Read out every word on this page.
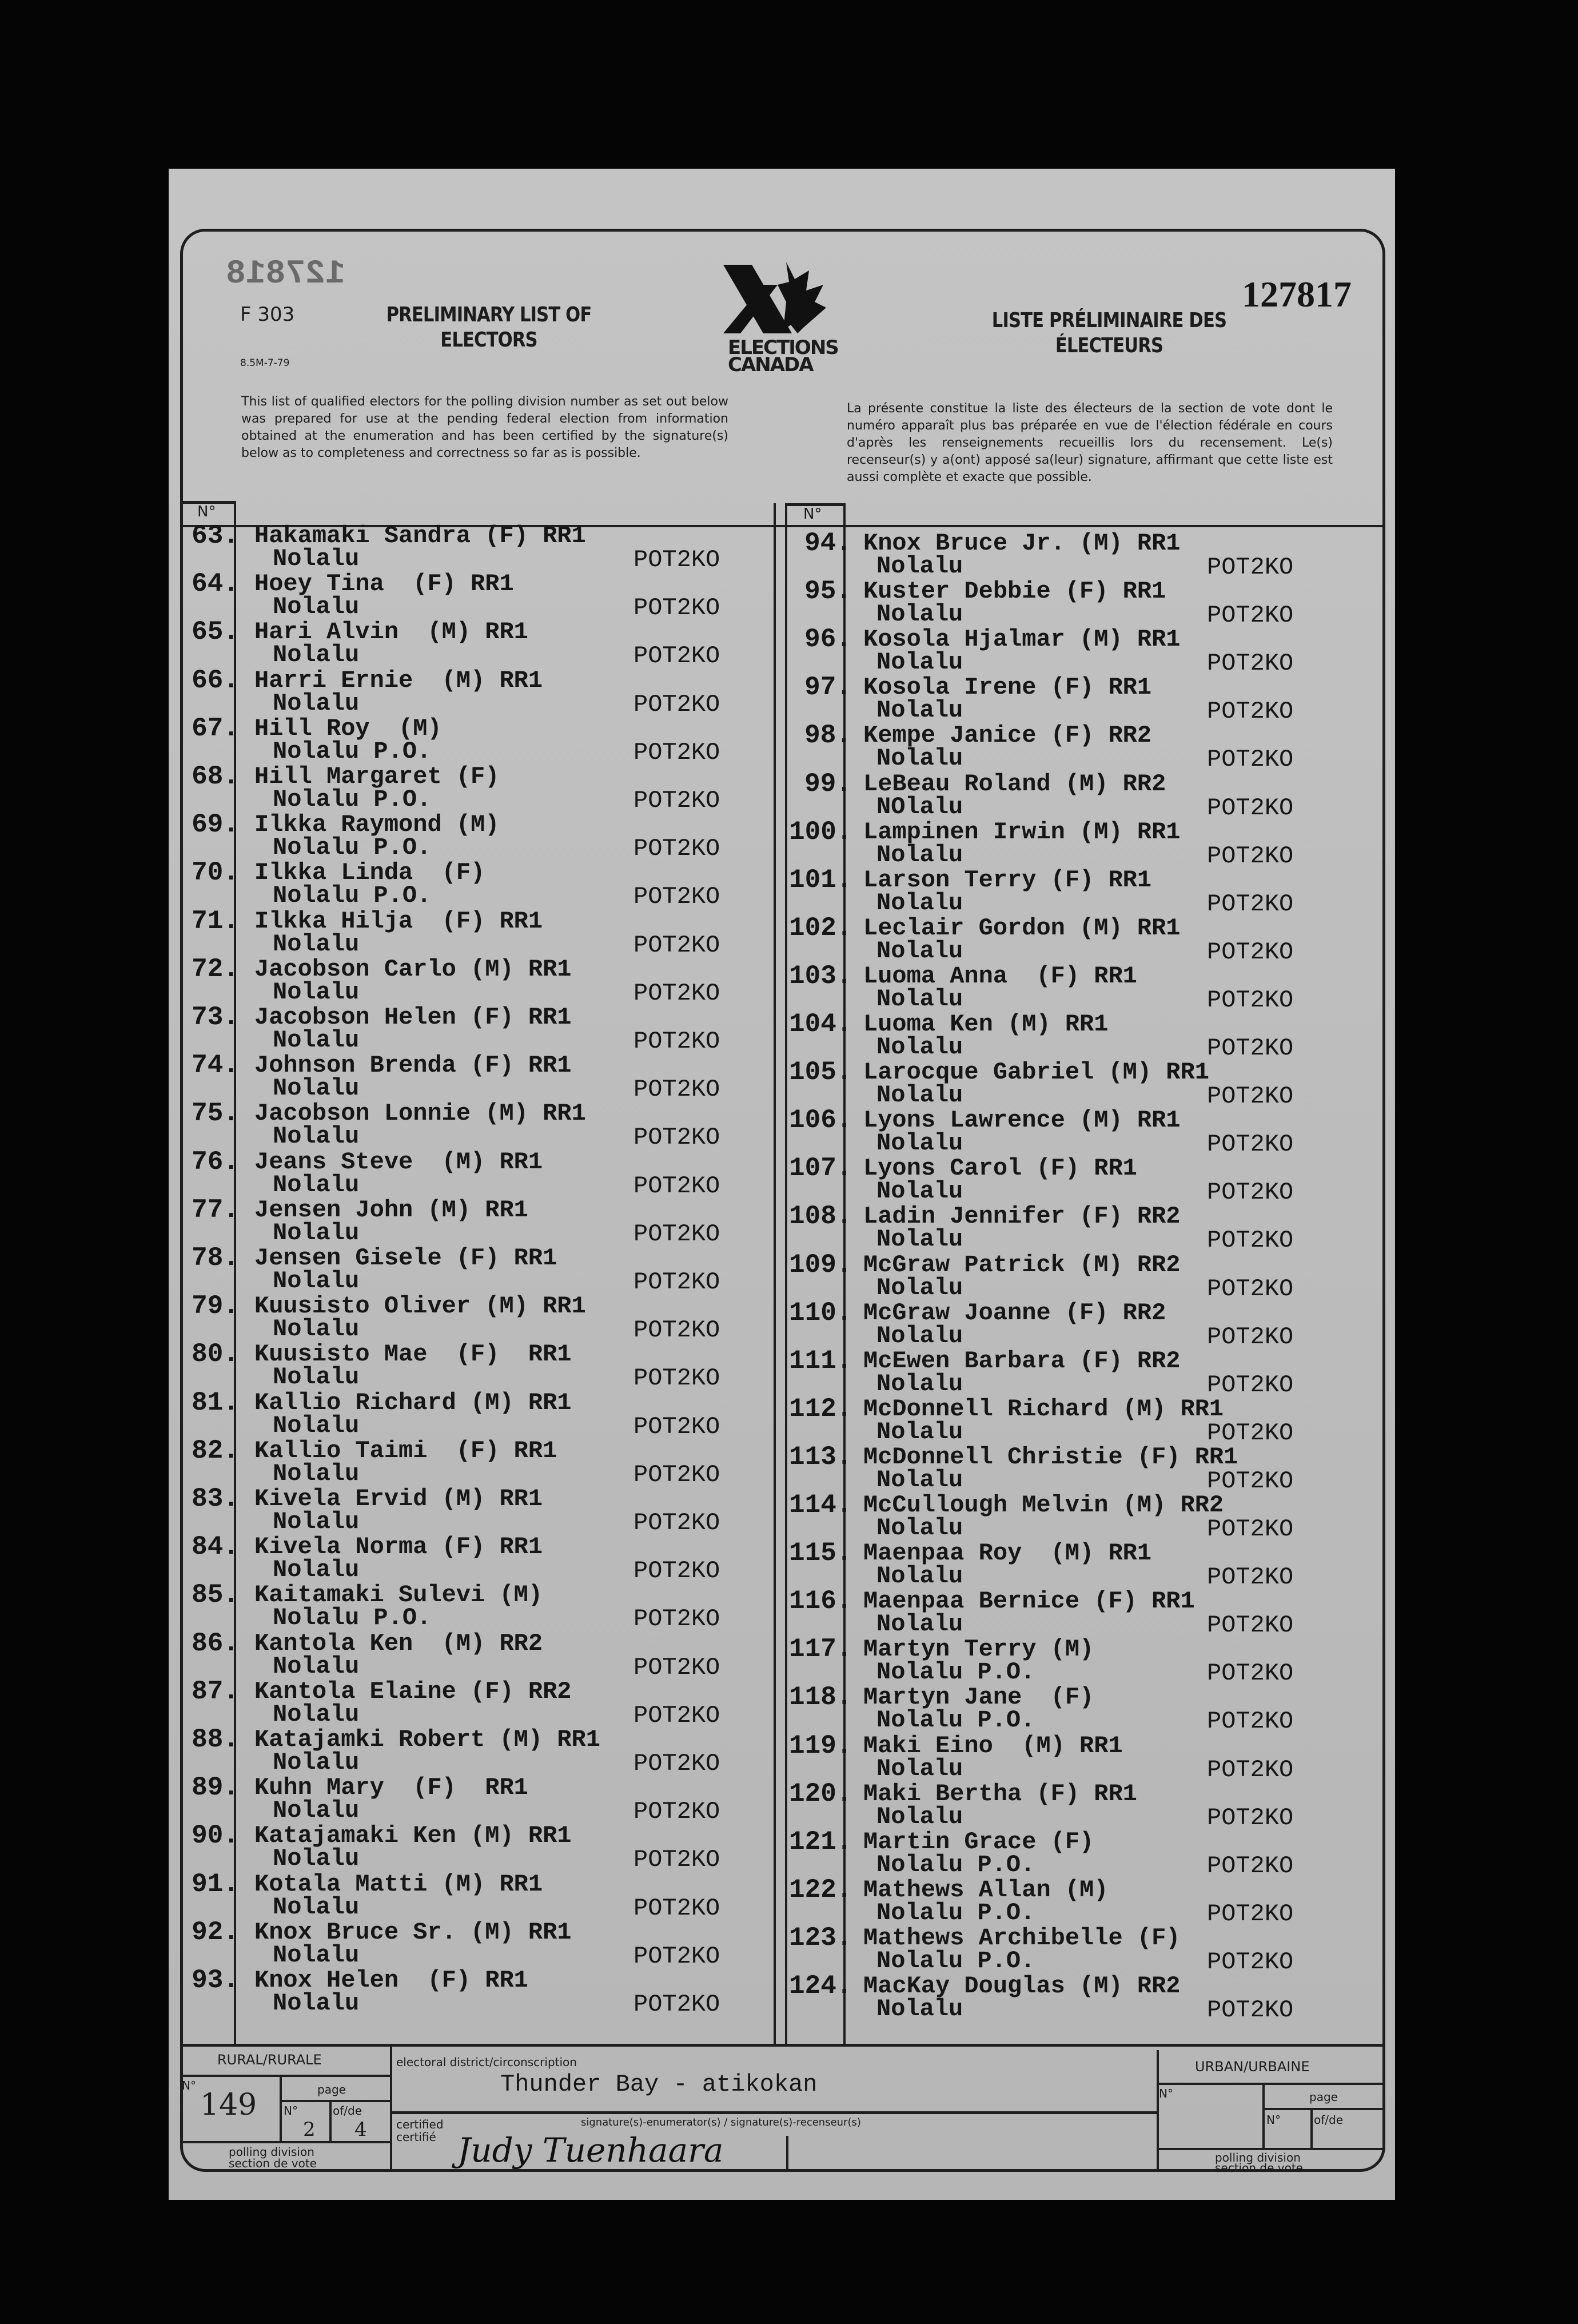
127818
F 303	PRELIMINARY LIST OF
ELECTORS
8.5M-7-79
ELECTIONS
CANADA
127817
LISTE PRÉLIMINAIRE DES
ÉLECTEURS
This list of qualified electors for the polling division number as set out below was prepared for use at the pending federal election from information obtained at the enumeration and has been certified by the signature(s) below as to completeness and correctness so far as is possible.
La présente constitue la liste des électeurs de la section de vote dont le numéro apparaît plus bas préparée en vue de l'élection fédérale en cours d'après les renseignements recueillis lors du recensement. Le(s) recenseur(s) y a(ont) apposé sa(leur) signature, affirmant que cette liste est aussi complète et exacte que possible.
N°	N°
63. Hakamaki Sandra (F) RR1
Nolalu	POT2KO
64. Hoey Tina  (F) RR1
Nolalu	POT2KO
65. Hari Alvin  (M) RR1
Nolalu	POT2KO
66. Harri Ernie  (M) RR1
Nolalu	POT2KO
67. Hill Roy  (M)
Nolalu P.O.	POT2KO
68. Hill Margaret (F)
Nolalu P.O.	POT2KO
69. Ilkka Raymond (M)
Nolalu P.O.	POT2KO
70. Ilkka Linda  (F)
Nolalu P.O.	POT2KO
71. Ilkka Hilja  (F) RR1
Nolalu	POT2KO
72. Jacobson Carlo (M) RR1
Nolalu	POT2KO
73. Jacobson Helen (F) RR1
Nolalu	POT2KO
74. Johnson Brenda (F) RR1
Nolalu	POT2KO
75. Jacobson Lonnie (M) RR1
Nolalu	POT2KO
76. Jeans Steve  (M) RR1
Nolalu	POT2KO
77. Jensen John (M) RR1
Nolalu	POT2KO
78. Jensen Gisele (F) RR1
Nolalu	POT2KO
79. Kuusisto Oliver (M) RR1
Nolalu	POT2KO
80. Kuusisto Mae  (F)  RR1
Nolalu	POT2KO
81. Kallio Richard (M) RR1
Nolalu	POT2KO
82. Kallio Taimi  (F) RR1
Nolalu	POT2KO
83. Kivela Ervid (M) RR1
Nolalu	POT2KO
84. Kivela Norma (F) RR1
Nolalu	POT2KO
85. Kaitamaki Sulevi (M)
Nolalu P.O.	POT2KO
86. Kantola Ken  (M) RR2
Nolalu	POT2KO
87. Kantola Elaine (F) RR2
Nolalu	POT2KO
88. Katajamki Robert (M) RR1
Nolalu	POT2KO
89. Kuhn Mary  (F)  RR1
Nolalu	POT2KO
90. Katajamaki Ken (M) RR1
Nolalu	POT2KO
91. Kotala Matti (M) RR1
Nolalu	POT2KO
92. Knox Bruce Sr. (M) RR1
Nolalu	POT2KO
93. Knox Helen  (F) RR1
Nolalu	POT2KO
94. Knox Bruce Jr. (M) RR1
Nolalu	POT2KO
95. Kuster Debbie (F) RR1
Nolalu	POT2KO
96. Kosola Hjalmar (M) RR1
Nolalu	POT2KO
97. Kosola Irene (F) RR1
Nolalu	POT2KO
98. Kempe Janice (F) RR2
Nolalu	POT2KO
99. LeBeau Roland (M) RR2
NOlalu	POT2KO
100. Lampinen Irwin (M) RR1
Nolalu	POT2KO
101. Larson Terry (F) RR1
Nolalu	POT2KO
102. Leclair Gordon (M) RR1
Nolalu	POT2KO
103. Luoma Anna  (F) RR1
Nolalu	POT2KO
104. Luoma Ken (M) RR1
Nolalu	POT2KO
105. Larocque Gabriel (M) RR1
Nolalu	POT2KO
106. Lyons Lawrence (M) RR1
Nolalu	POT2KO
107. Lyons Carol (F) RR1
Nolalu	POT2KO
108. Ladin Jennifer (F) RR2
Nolalu	POT2KO
109. McGraw Patrick (M) RR2
Nolalu	POT2KO
110. McGraw Joanne (F) RR2
Nolalu	POT2KO
111. McEwen Barbara (F) RR2
Nolalu	POT2KO
112. McDonnell Richard (M) RR1
Nolalu	POT2KO
113. McDonnell Christie (F) RR1
Nolalu	POT2KO
114. McCullough Melvin (M) RR2
Nolalu	POT2KO
115. Maenpaa Roy  (M) RR1
Nolalu	POT2KO
116. Maenpaa Bernice (F) RR1
Nolalu	POT2KO
117. Martyn Terry (M)
Nolalu P.O.	POT2KO
118. Martyn Jane  (F)
Nolalu P.O.	POT2KO
119. Maki Eino  (M) RR1
Nolalu	POT2KO
120. Maki Bertha (F) RR1
Nolalu	POT2KO
121. Martin Grace (F)
Nolalu P.O.	POT2KO
122. Mathews Allan (M)
Nolalu P.O.	POT2KO
123. Mathews Archibelle (F)
Nolalu P.O.	POT2KO
124. MacKay Douglas (M) RR2
Nolalu	POT2KO
RURAL/RURALE
N°
149	page
N°
2
of/de
4
polling division
section de vote
electoral district/circonscription
Thunder Bay - atikokan
certified
certifié
signature(s)-enumerator(s) / signature(s)-recenseur(s)
Judy Tuenhaara
URBAN/URBAINE
N°	page
N°	of/de
polling division
section de vote
